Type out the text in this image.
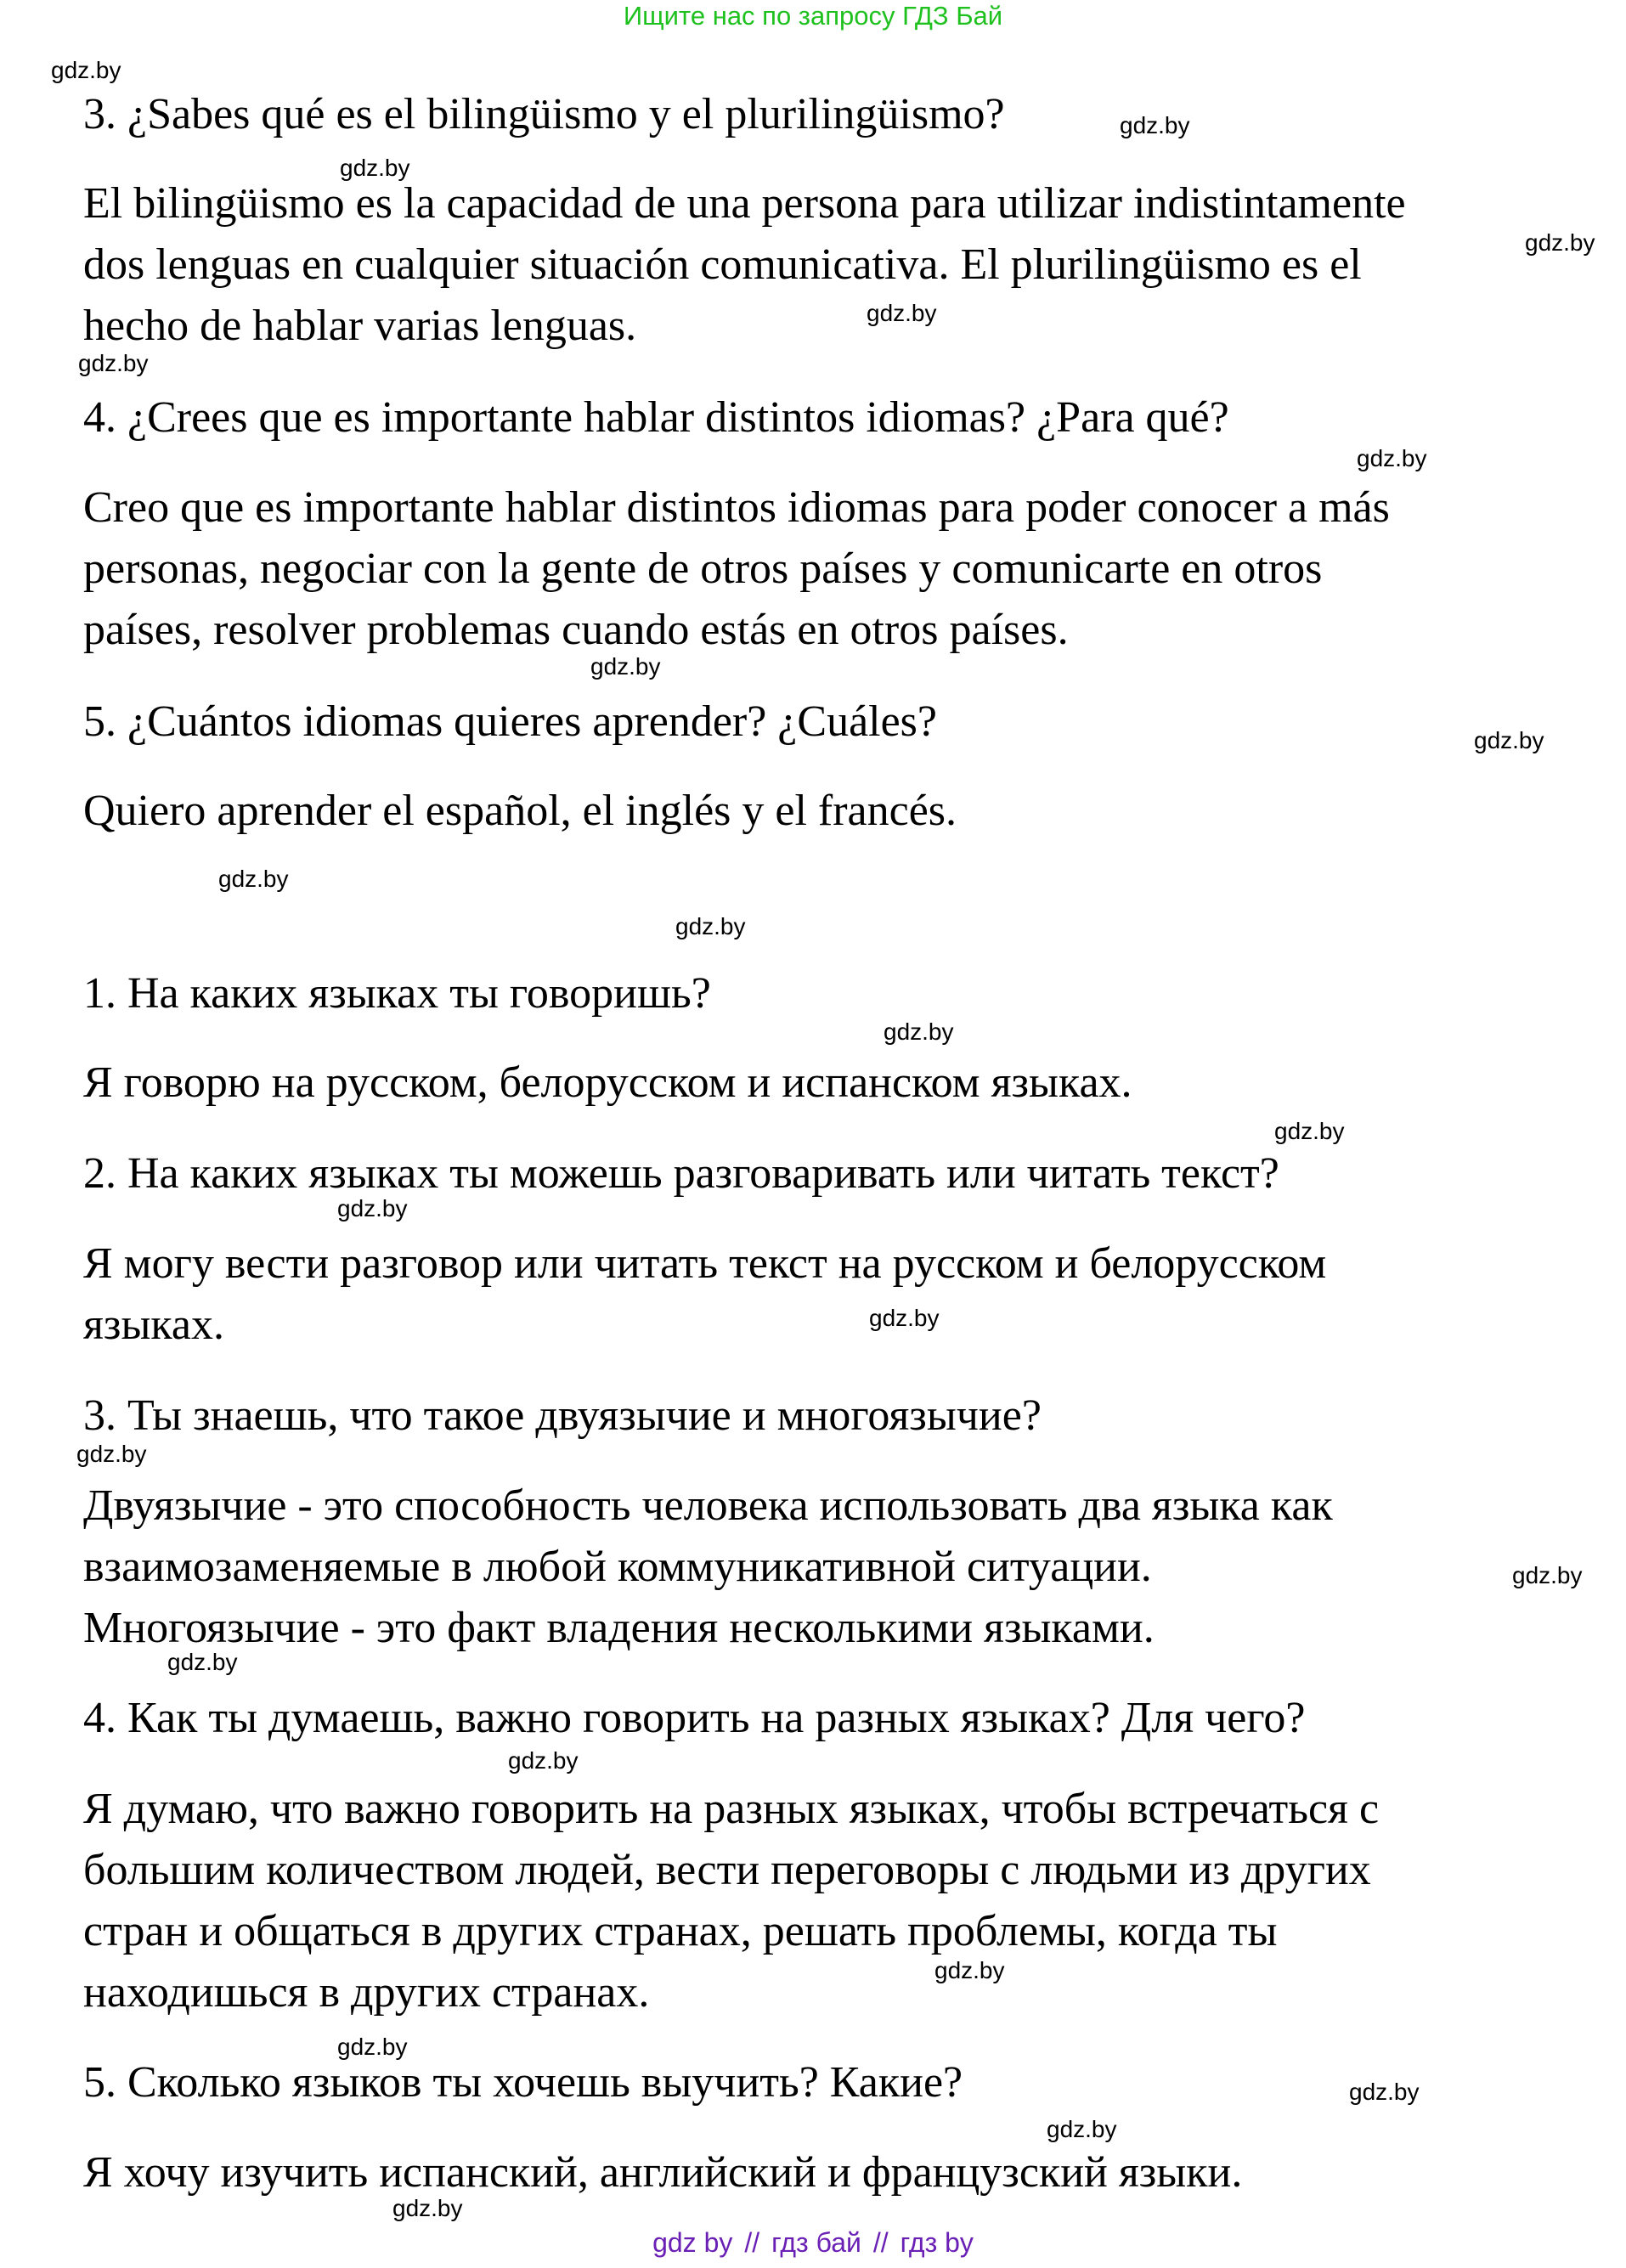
Ищите нас по запросу ГДЗ Бай
3. ¿Sabes qué es el bilingüismo y el plurilingüismo?
El bilingüismo es la capacidad de una persona para utilizar indistintamente
dos lenguas en cualquier situación comunicativa. El plurilingüismo es el
hecho de hablar varias lenguas.
4. ¿Crees que es importante hablar distintos idiomas? ¿Para qué?
Creo que es importante hablar distintos idiomas para poder conocer a más
personas, negociar con la gente de otros países y comunicarte en otros
países, resolver problemas cuando estás en otros países.
5. ¿Cuántos idiomas quieres aprender? ¿Cuáles?
Quiero aprender el español, el inglés y el francés.
1. На каких языках ты говоришь?
Я говорю на русском, белорусском и испанском языках.
2. На каких языках ты можешь разговаривать или читать текст?
Я могу вести разговор или читать текст на русском и белорусском
языках.
3. Ты знаешь, что такое двуязычие и многоязычие?
Двуязычие - это способность человека использовать два языка как
взаимозаменяемые в любой коммуникативной ситуации.
Многоязычие - это факт владения несколькими языками.
4. Как ты думаешь, важно говорить на разных языках? Для чего?
Я думаю, что важно говорить на разных языках, чтобы встречаться с
большим количеством людей, вести переговоры с людьми из других
стран и общаться в других странах, решать проблемы, когда ты
находишься в других странах.
5. Сколько языков ты хочешь выучить? Какие?
Я хочу изучить испанский, английский и французский языки.
gdz.by
gdz.by
gdz.by
gdz.by
gdz.by
gdz.by
gdz.by
gdz.by
gdz.by
gdz.by
gdz.by
gdz.by
gdz.by
gdz.by
gdz.by
gdz.by
gdz.by
gdz.by
gdz.by
gdz.by
gdz.by
gdz.by
gdz.by
gdz.by
gdz by // гдз бай // гдз by
